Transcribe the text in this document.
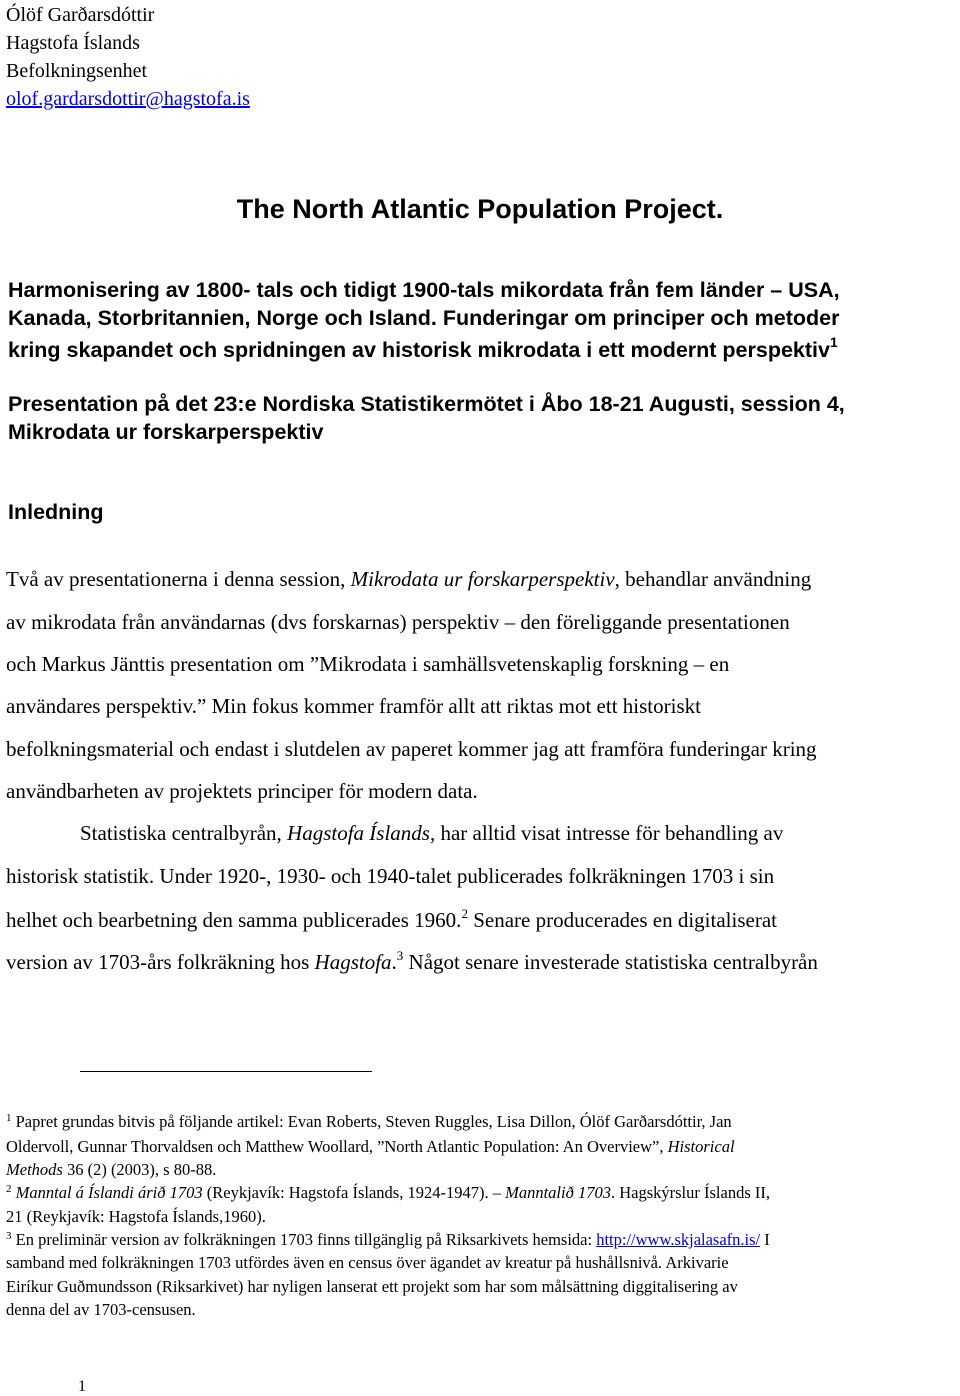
Ólöf Garðarsdóttir
Hagstofa Íslands
Befolkningsenhet
olof.gardarsdottir@hagstofa.is
The North Atlantic Population Project.
Harmonisering av 1800- tals och tidigt 1900-tals mikordata från fem länder – USA,
Kanada, Storbritannien, Norge och Island. Funderingar om principer och metoder
kring skapandet och spridningen av historisk mikrodata i ett modernt perspektiv$^1$
Presentation på det 23:e Nordiska Statistikermötet i Åbo 18-21 Augusti, session 4,
Mikrodata ur forskarperspektiv
Inledning
Två av presentationerna i denna session, Mikrodata ur forskarperspektiv, behandlar användning
av mikrodata från användarnas (dvs forskarnas) perspektiv – den föreliggande presentationen
och Markus Jänttis presentation om ”Mikrodata i samhällsvetenskaplig forskning – en
användares perspektiv.” Min fokus kommer framför allt att riktas mot ett historiskt
befolkningsmaterial och endast i slutdelen av paperet kommer jag att framföra funderingar kring
användbarheten av projektets principer för modern data.
Statistiska centralbyrån, Hagstofa Íslands, har alltid visat intresse för behandling av
historisk statistik. Under 1920-, 1930- och 1940-talet publicerades folkräkningen 1703 i sin
helhet och bearbetning den samma publicerades 1960.$^2$ Senare producerades en digitaliserat
version av 1703-års folkräkning hos Hagstofa.$^3$ Något senare investerade statistiska centralbyrån
$^1$ Papret grundas bitvis på följande artikel: Evan Roberts, Steven Ruggles, Lisa Dillon, Ólöf Garðarsdóttir, Jan
Oldervoll, Gunnar Thorvaldsen och Matthew Woollard, ”North Atlantic Population: An Overview”, Historical
Methods 36 (2) (2003), s 80-88.
$^2$ Manntal á Íslandi árið 1703 (Reykjavík: Hagstofa Íslands, 1924-1947). – Manntalið 1703. Hagskýrslur Íslands II,
21 (Reykjavík: Hagstofa Íslands,1960).
$^3$ En preliminär version av folkräkningen 1703 finns tillgänglig på Riksarkivets hemsida: http://www.skjalasafn.is/ I
samband med folkräkningen 1703 utfördes även en census över ägandet av kreatur på hushållsnivå. Arkivarie
Eiríkur Guðmundsson (Riksarkivet) har nyligen lanserat ett projekt som har som målsättning diggitalisering av
denna del av 1703-censusen.
1
